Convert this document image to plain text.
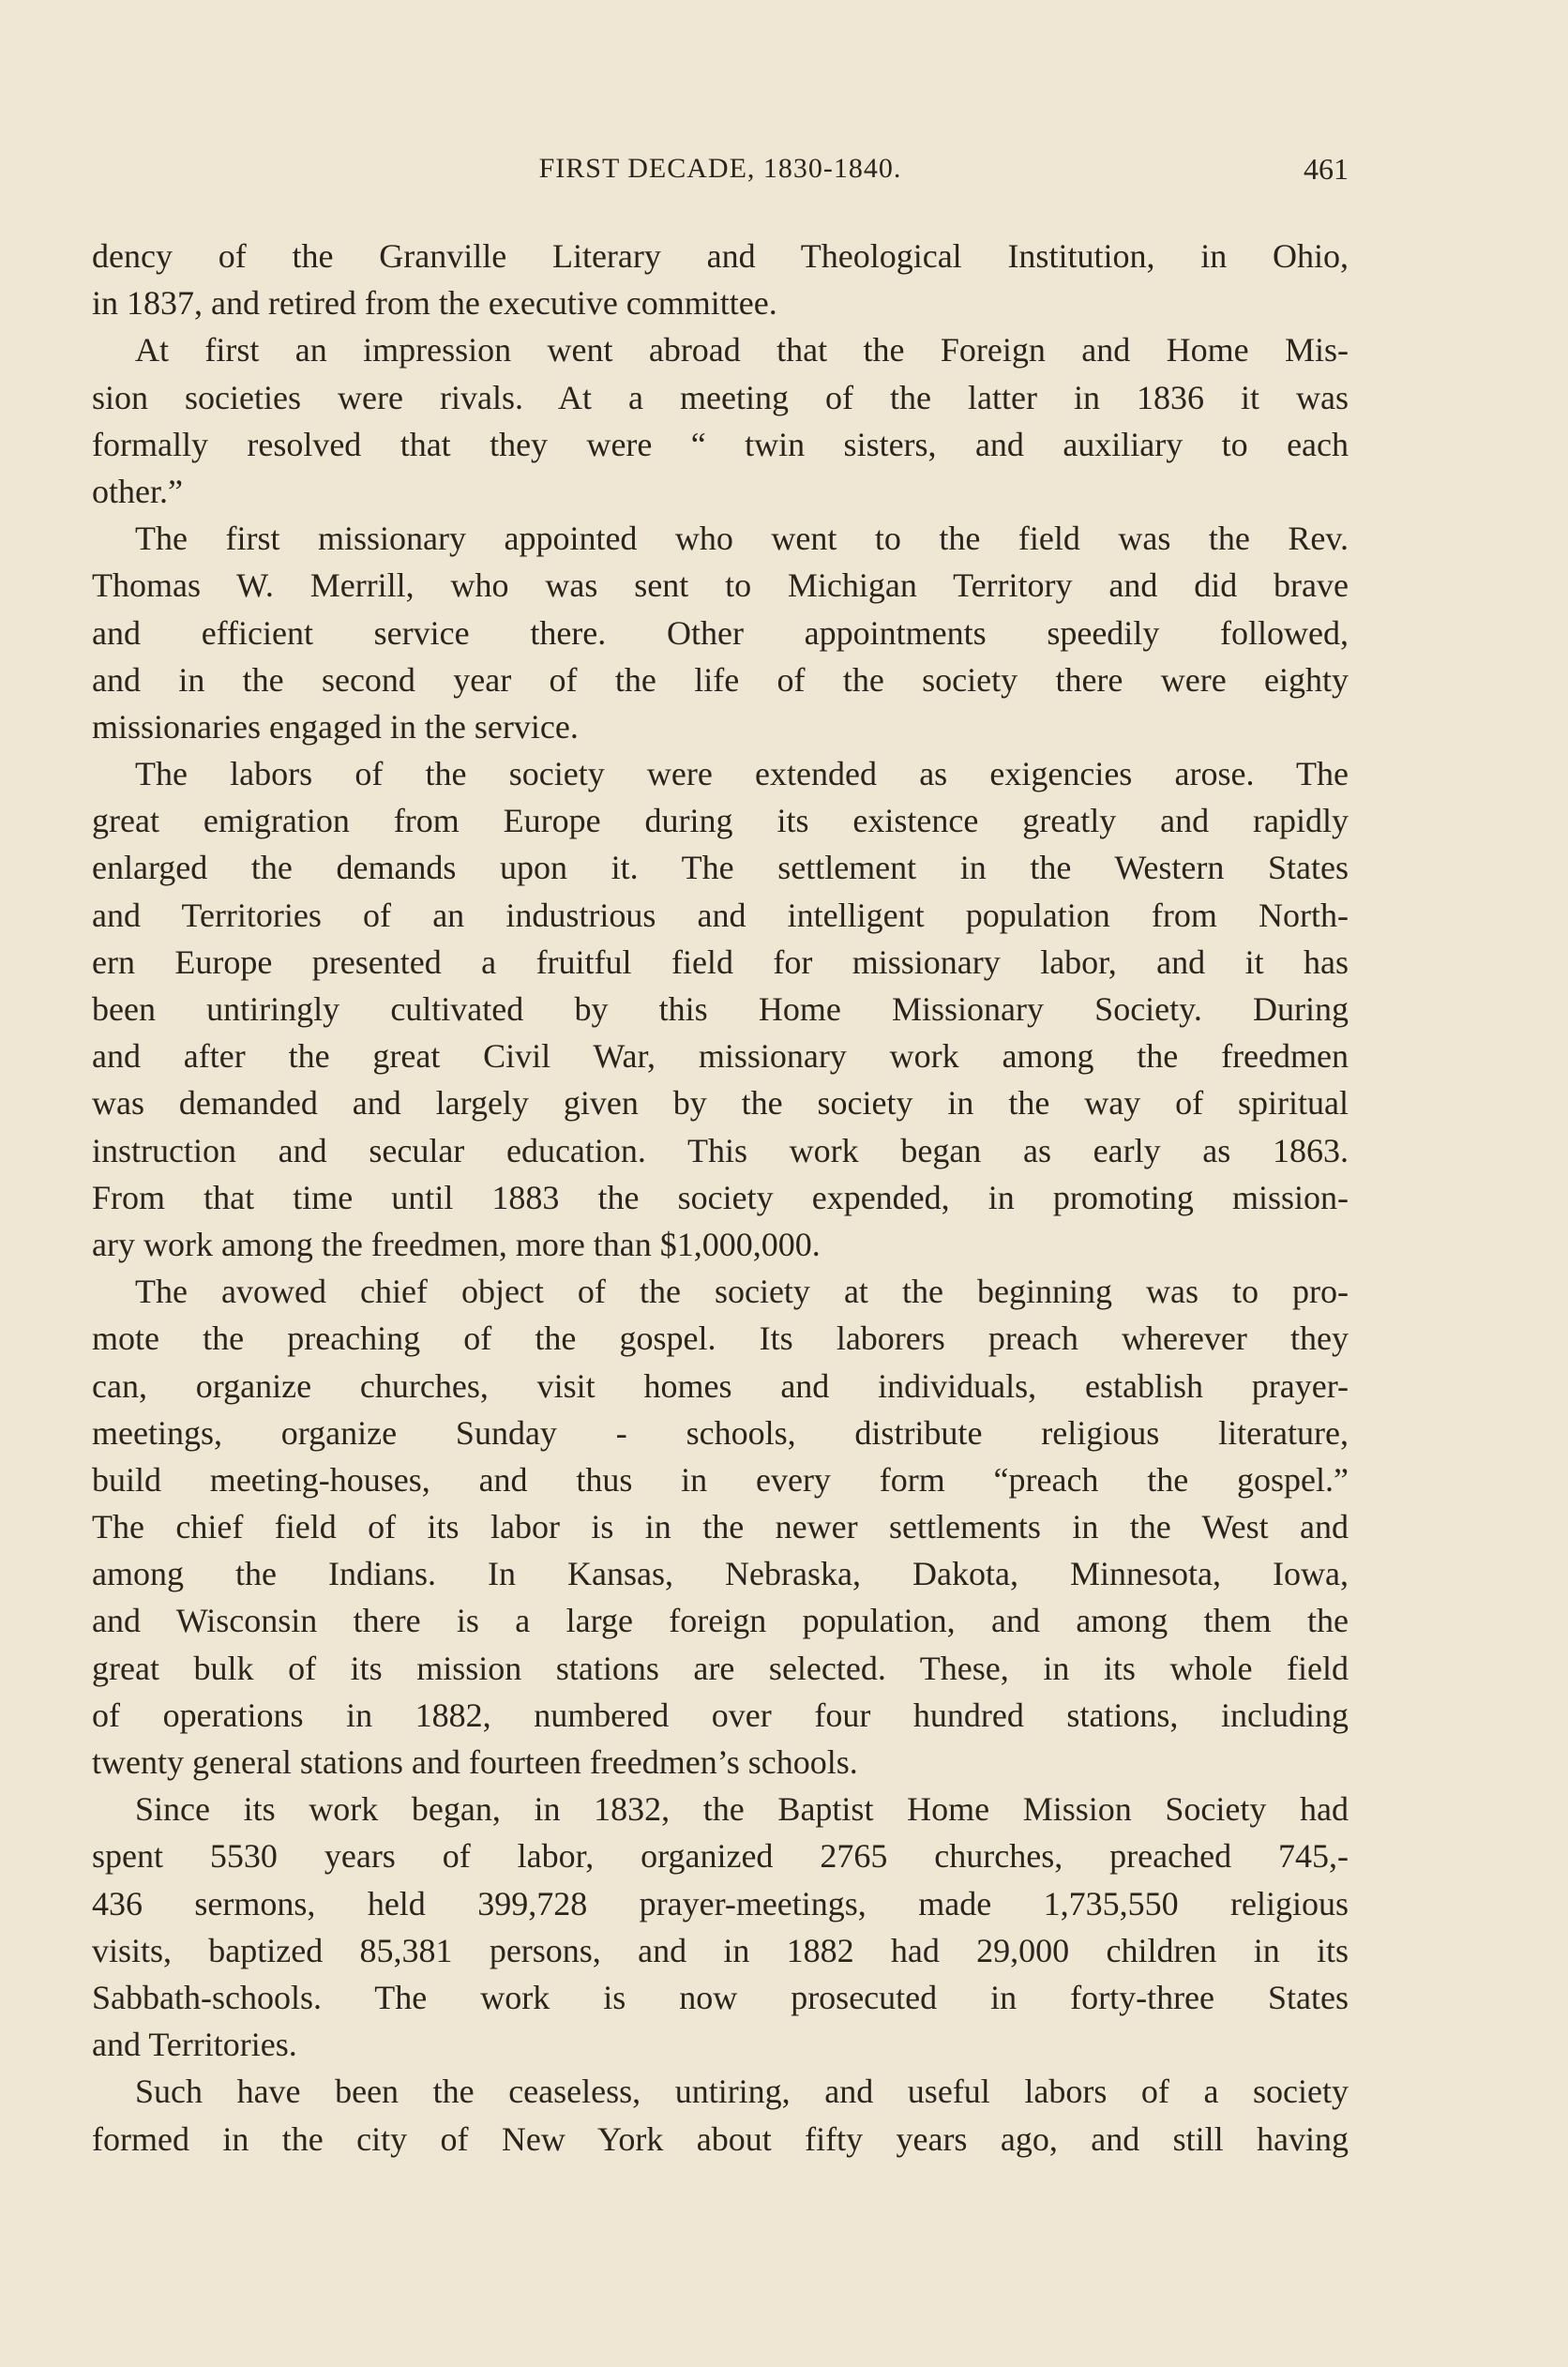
FIRST DECADE, 1830-1840.	461
dency of the Granville Literary and Theological Institution, in Ohio,
in 1837, and retired from the executive committee.
At first an impression went abroad that the Foreign and Home Mis-
sion societies were rivals. At a meeting of the latter in 1836 it was
formally resolved that they were “ twin sisters, and auxiliary to each
other.”
The first missionary appointed who went to the field was the Rev.
Thomas W. Merrill, who was sent to Michigan Territory and did brave
and efficient service there. Other appointments speedily followed,
and in the second year of the life of the society there were eighty
missionaries engaged in the service.
The labors of the society were extended as exigencies arose. The
great emigration from Europe during its existence greatly and rapidly
enlarged the demands upon it. The settlement in the Western States
and Territories of an industrious and intelligent population from North-
ern Europe presented a fruitful field for missionary labor, and it has
been untiringly cultivated by this Home Missionary Society. During
and after the great Civil War, missionary work among the freedmen
was demanded and largely given by the society in the way of spiritual
instruction and secular education. This work began as early as 1863.
From that time until 1883 the society expended, in promoting mission-
ary work among the freedmen, more than $1,000,000.
The avowed chief object of the society at the beginning was to pro-
mote the preaching of the gospel. Its laborers preach wherever they
can, organize churches, visit homes and individuals, establish prayer-
meetings, organize Sunday - schools, distribute religious literature,
build meeting-houses, and thus in every form “preach the gospel.”
The chief field of its labor is in the newer settlements in the West and
among the Indians. In Kansas, Nebraska, Dakota, Minnesota, Iowa,
and Wisconsin there is a large foreign population, and among them the
great bulk of its mission stations are selected. These, in its whole field
of operations in 1882, numbered over four hundred stations, including
twenty general stations and fourteen freedmen’s schools.
Since its work began, in 1832, the Baptist Home Mission Society had
spent 5530 years of labor, organized 2765 churches, preached 745,-
436 sermons, held 399,728 prayer-meetings, made 1,735,550 religious
visits, baptized 85,381 persons, and in 1882 had 29,000 children in its
Sabbath-schools. The work is now prosecuted in forty-three States
and Territories.
Such have been the ceaseless, untiring, and useful labors of a society
formed in the city of New York about fifty years ago, and still having
